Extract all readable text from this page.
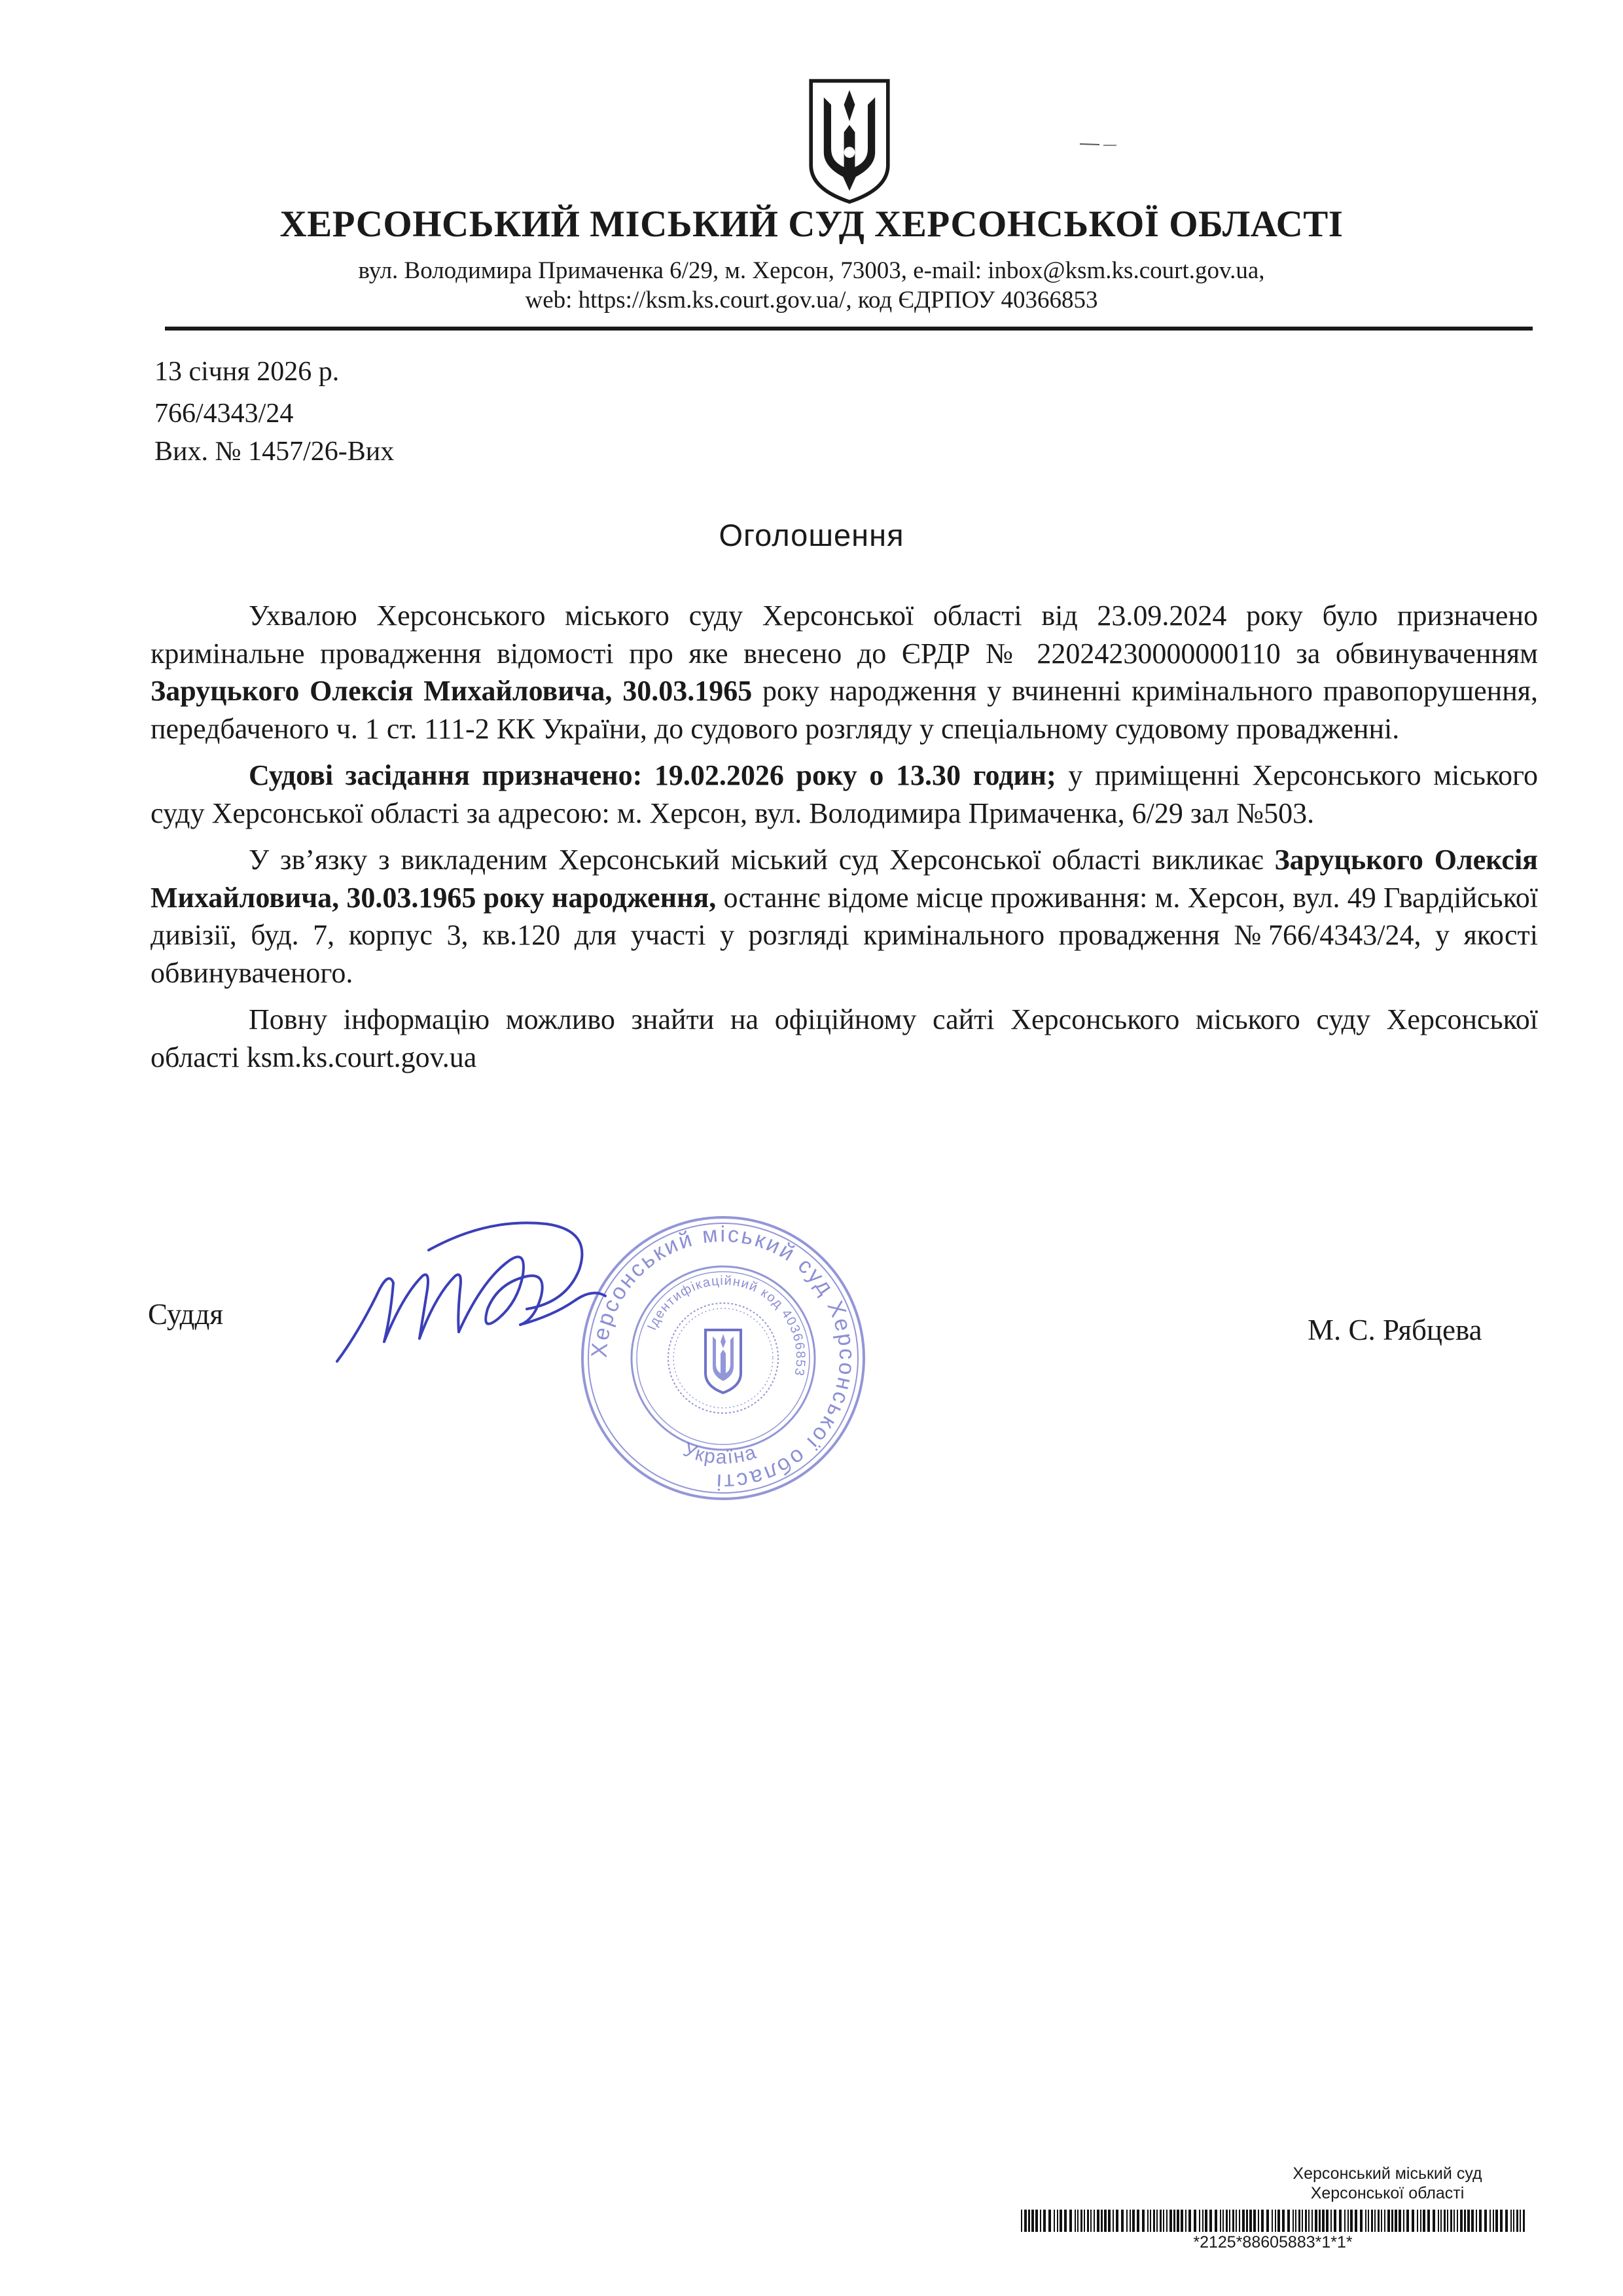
ХЕРСОНСЬКИЙ МІСЬКИЙ СУД ХЕРСОНСЬКОЇ ОБЛАСТІ
вул. Володимира Примаченка 6/29, м. Херсон, 73003, e-mail: inbox@ksm.ks.court.gov.ua,
web: https://ksm.ks.court.gov.ua/, код ЄДРПОУ 40366853
13 січня 2026 р.
766/4343/24
Вих. № 1457/26-Вих
Оголошення

Ухвалою Херсонського міського суду Херсонської області від 23.09.2024 року було призначено кримінальне провадження відомості про яке внесено до ЄРДР № 22024230000000110 за обвинуваченням Заруцького Олексія Михайловича, 30.03.1965 року народження у вчиненні кримінального правопорушення, передбаченого ч. 1 ст. 111-2 КК України, до судового розгляду у спеціальному судовому провадженні.

Судові засідання призначено: 19.02.2026 року о 13.30 годин; у приміщенні Херсонського міського суду Херсонської області за адресою: м. Херсон, вул. Володимира Примаченка, 6/29 зал №503.

У зв’язку з викладеним Херсонський міський суд Херсонської області викликає Заруцького Олексія Михайловича, 30.03.1965 року народження, останнє відоме місце проживання: м. Херсон, вул. 49 Гвардійської дивізії, буд. 7, корпус 3, кв.120 для участі у розгляді кримінального провадження №766/4343/24, у якості обвинуваченого.

Повну інформацію можливо знайти на офіційному сайті Херсонського міського суду Херсонської області ksm.ks.court.gov.ua

Суддя
Херсонський міський суд Херсонської області
Ідентифікаційний код 40366853
Україна
М. С. Рябцева
Херсонський міський суд
Херсонської області
*2125*88605883*1*1*
